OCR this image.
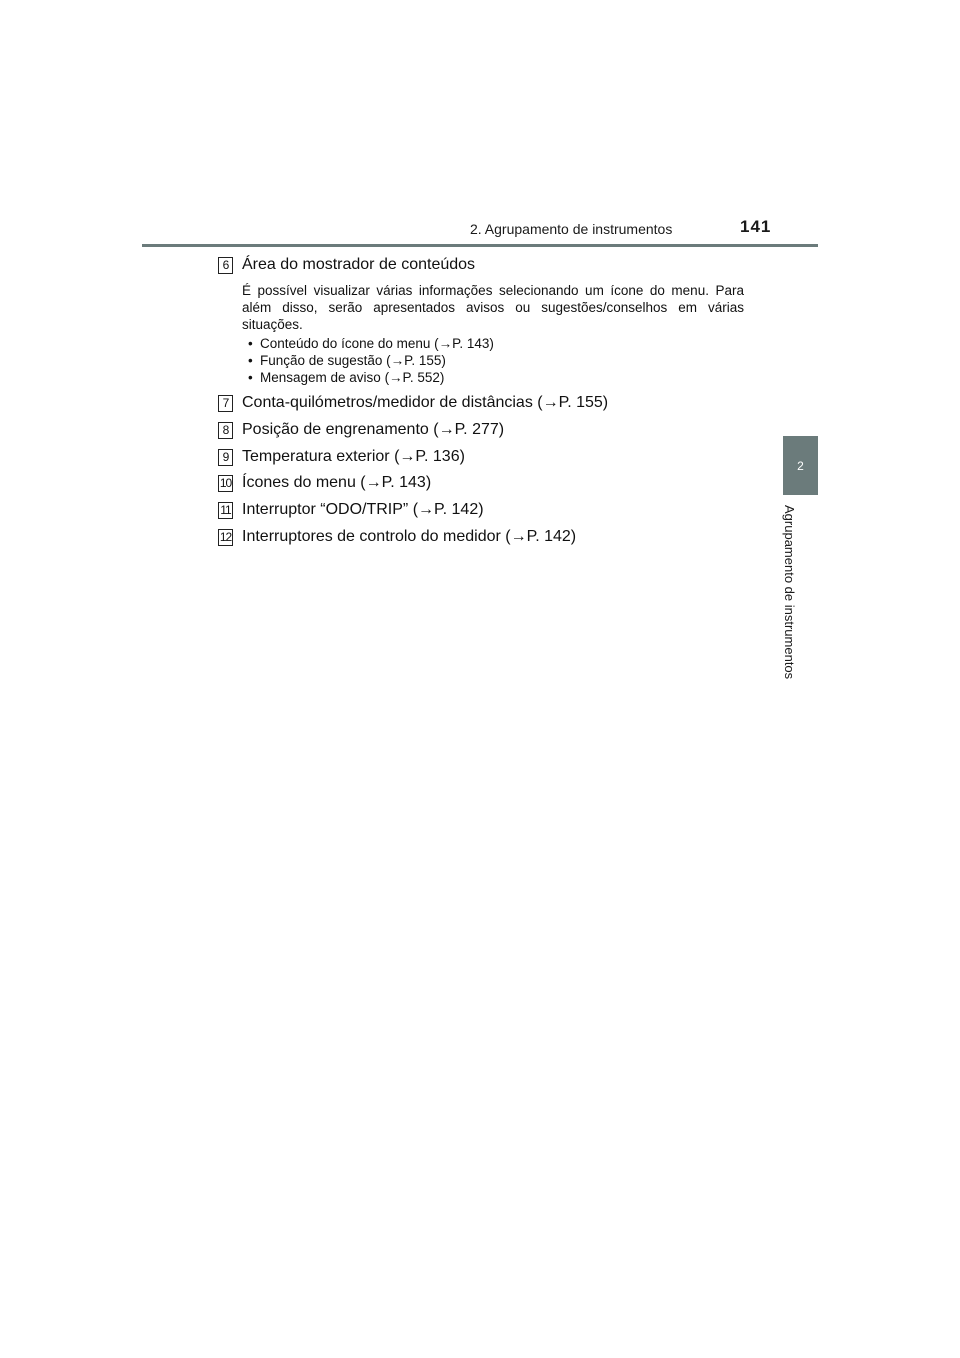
2. Agrupamento de instrumentos	141
2
Agrupamento de instrumentos
6 Área do mostrador de conteúdos

É possível visualizar várias informações selecionando um ícone do menu. Para além disso, serão apresentados avisos ou sugestões/conselhos em várias situações.

• Conteúdo do ícone do menu (→P. 143)
• Função de sugestão (→P. 155)
• Mensagem de aviso (→P. 552)
7 Conta-quilómetros/medidor de distâncias (→P. 155)
8 Posição de engrenamento (→P. 277)
9 Temperatura exterior (→P. 136)
10 Ícones do menu (→P. 143)
11 Interruptor “ODO/TRIP” (→P. 142)
12 Interruptores de controlo do medidor (→P. 142)
